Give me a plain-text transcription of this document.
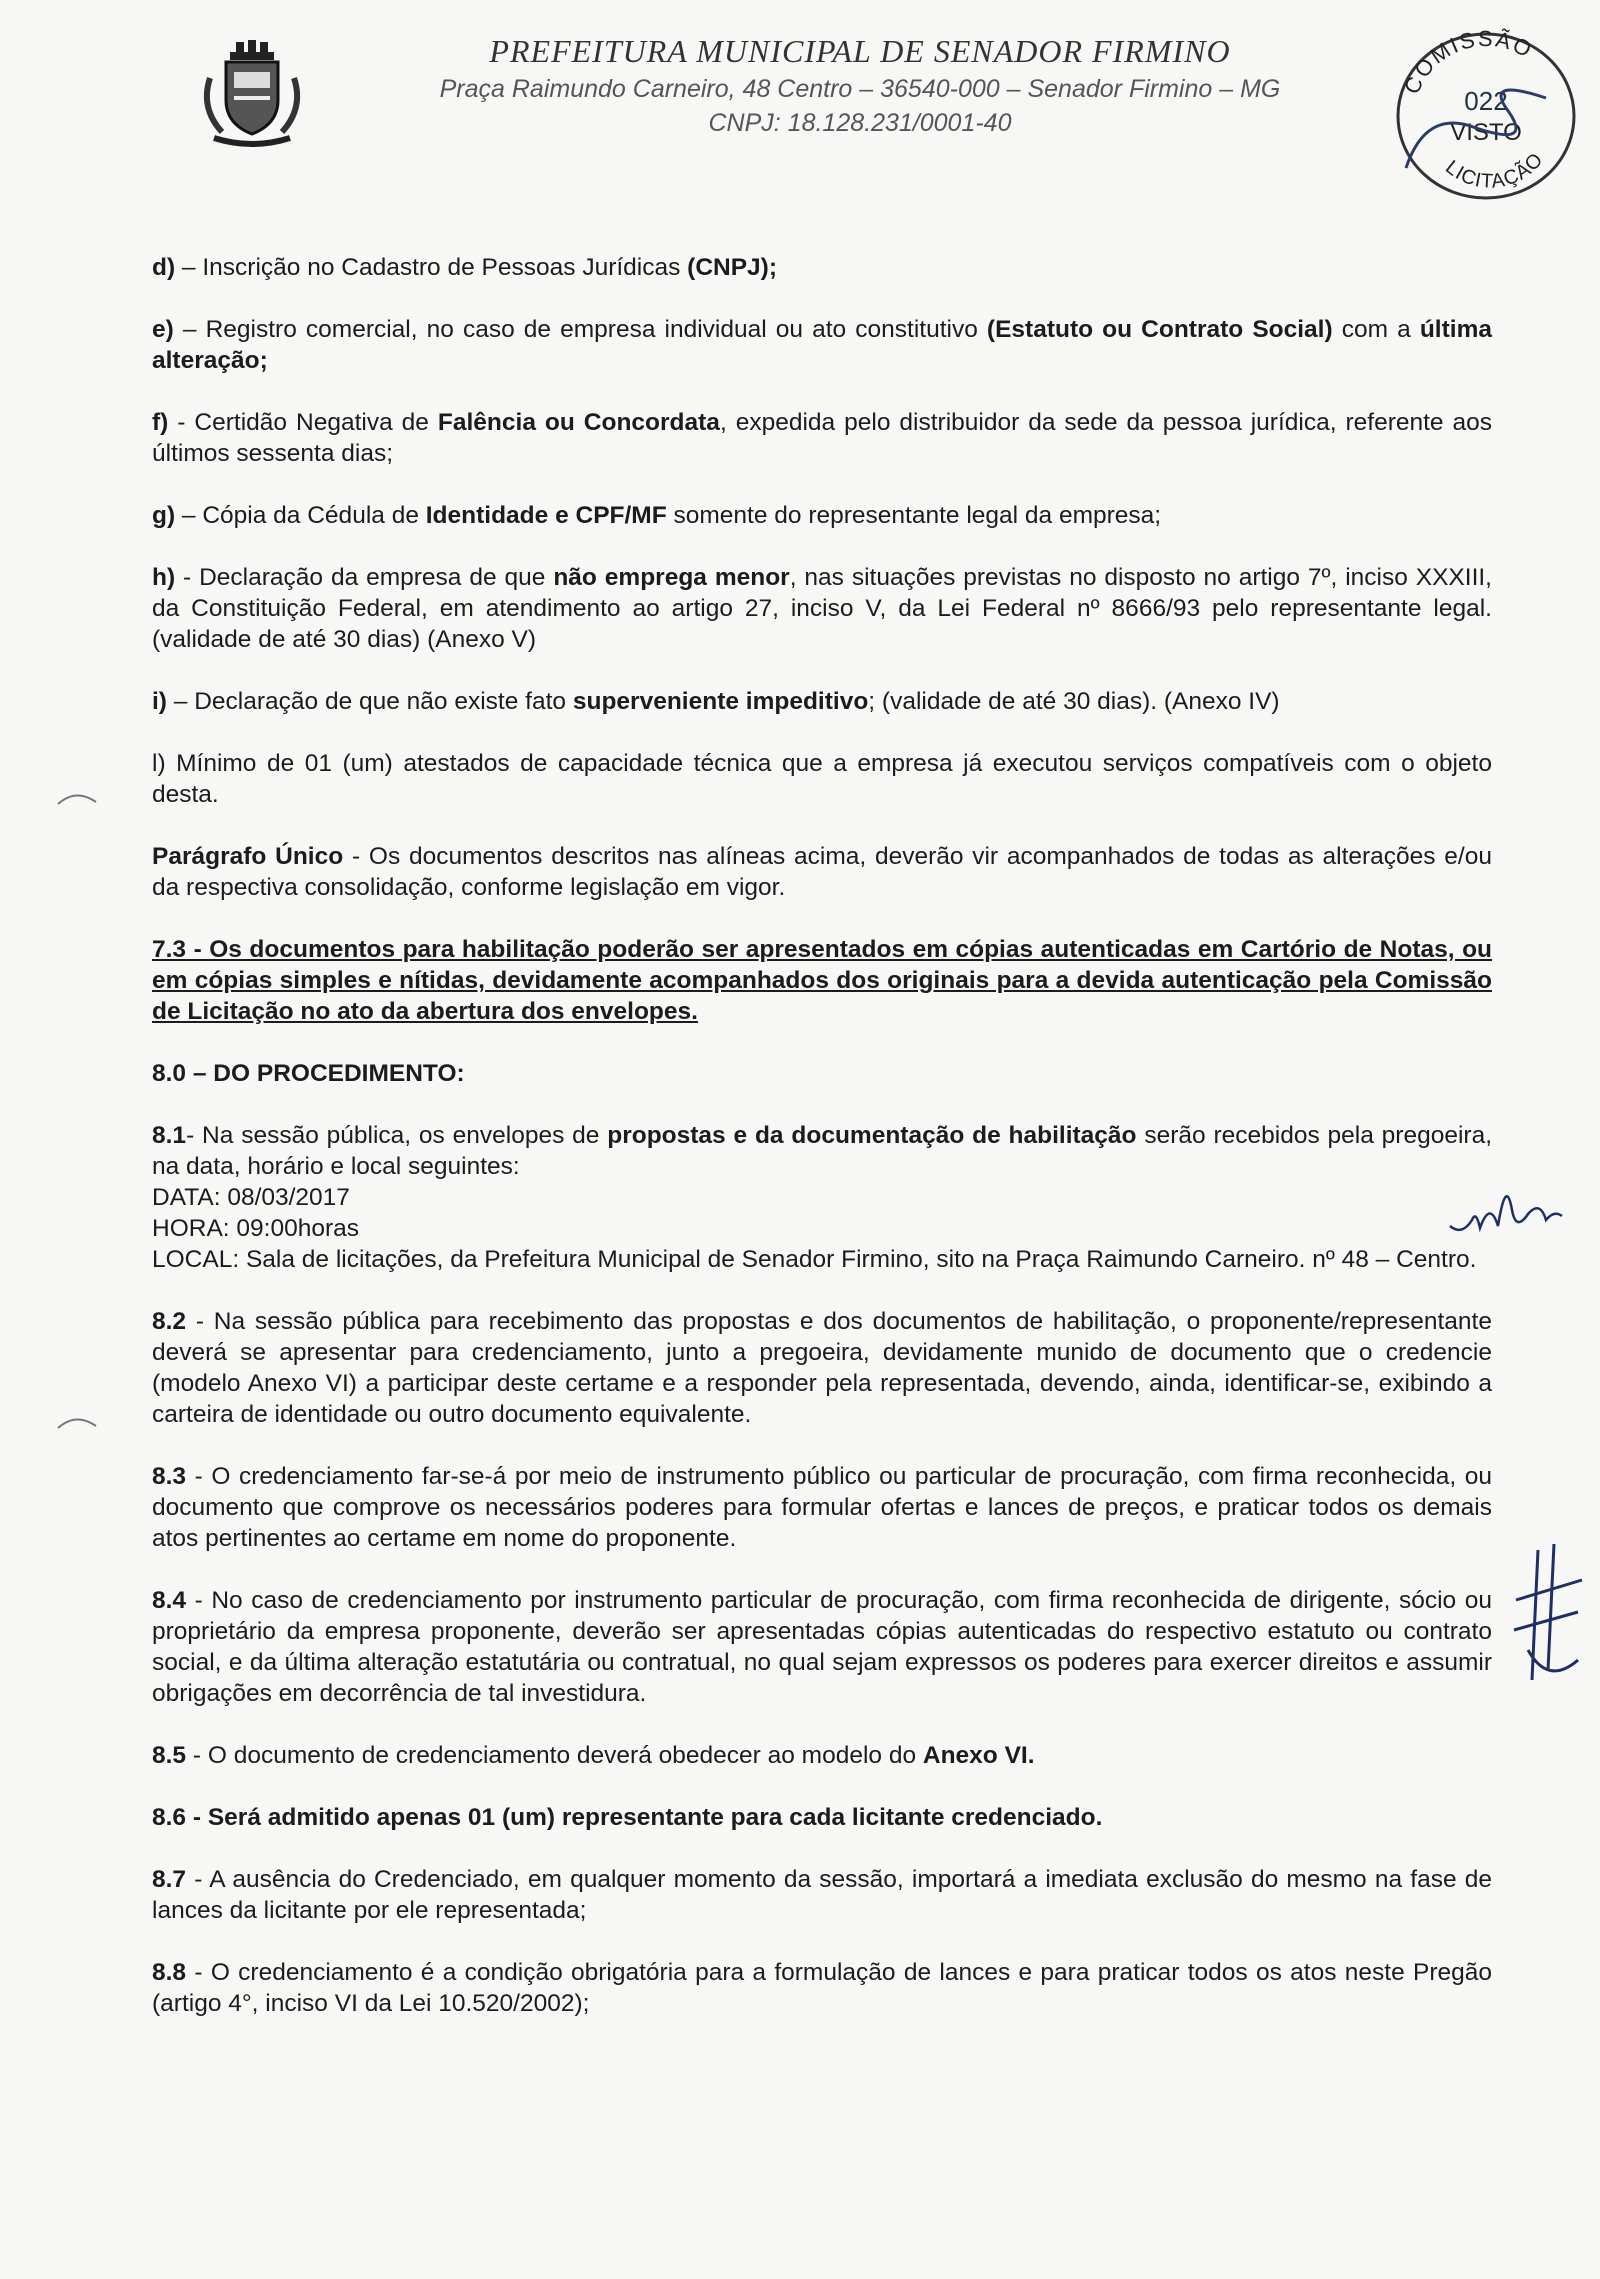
PREFEITURA MUNICIPAL DE SENADOR FIRMINO

Praça Raimundo Carneiro, 48 Centro – 36540-000 – Senador Firmino – MG

CNPJ: 18.128.231/0001-40

COMISSÃO
022
VISTO
LICITAÇÃO

d) – Inscrição no Cadastro de Pessoas Jurídicas (CNPJ);

e) – Registro comercial, no caso de empresa individual ou ato constitutivo (Estatuto ou Contrato Social) com a última alteração;

f) - Certidão Negativa de Falência ou Concordata, expedida pelo distribuidor da sede da pessoa jurídica, referente aos últimos sessenta dias;

g) – Cópia da Cédula de Identidade e CPF/MF somente do representante legal da empresa;

h) - Declaração da empresa de que não emprega menor, nas situações previstas no disposto no artigo 7º, inciso XXXIII, da Constituição Federal, em atendimento ao artigo 27, inciso V, da Lei Federal nº 8666/93 pelo representante legal. (validade de até 30 dias) (Anexo V)

i) – Declaração de que não existe fato superveniente impeditivo; (validade de até 30 dias). (Anexo IV)

l) Mínimo de 01 (um) atestados de capacidade técnica que a empresa já executou serviços compatíveis com o objeto desta.

Parágrafo Único - Os documentos descritos nas alíneas acima, deverão vir acompanhados de todas as alterações e/ou da respectiva consolidação, conforme legislação em vigor.

7.3 - Os documentos para habilitação poderão ser apresentados em cópias autenticadas em Cartório de Notas, ou em cópias simples e nítidas, devidamente acompanhados dos originais para a devida autenticação pela Comissão de Licitação no ato da abertura dos envelopes.

8.0 – DO PROCEDIMENTO:

8.1- Na sessão pública, os envelopes de propostas e da documentação de habilitação serão recebidos pela pregoeira, na data, horário e local seguintes:

DATA: 08/03/2017

HORA: 09:00horas

LOCAL: Sala de licitações, da Prefeitura Municipal de Senador Firmino, sito na Praça Raimundo Carneiro. nº 48 – Centro.

8.2 - Na sessão pública para recebimento das propostas e dos documentos de habilitação, o proponente/representante deverá se apresentar para credenciamento, junto a pregoeira, devidamente munido de documento que o credencie (modelo Anexo VI) a participar deste certame e a responder pela representada, devendo, ainda, identificar-se, exibindo a carteira de identidade ou outro documento equivalente.

8.3 - O credenciamento far-se-á por meio de instrumento público ou particular de procuração, com firma reconhecida, ou documento que comprove os necessários poderes para formular ofertas e lances de preços, e praticar todos os demais atos pertinentes ao certame em nome do proponente.

8.4 - No caso de credenciamento por instrumento particular de procuração, com firma reconhecida de dirigente, sócio ou proprietário da empresa proponente, deverão ser apresentadas cópias autenticadas do respectivo estatuto ou contrato social, e da última alteração estatutária ou contratual, no qual sejam expressos os poderes para exercer direitos e assumir obrigações em decorrência de tal investidura.

8.5 - O documento de credenciamento deverá obedecer ao modelo do Anexo VI.

8.6 - Será admitido apenas 01 (um) representante para cada licitante credenciado.

8.7 - A ausência do Credenciado, em qualquer momento da sessão, importará a imediata exclusão do mesmo na fase de lances da licitante por ele representada;

8.8 - O credenciamento é a condição obrigatória para a formulação de lances e para praticar todos os atos neste Pregão (artigo 4°, inciso VI da Lei 10.520/2002);
